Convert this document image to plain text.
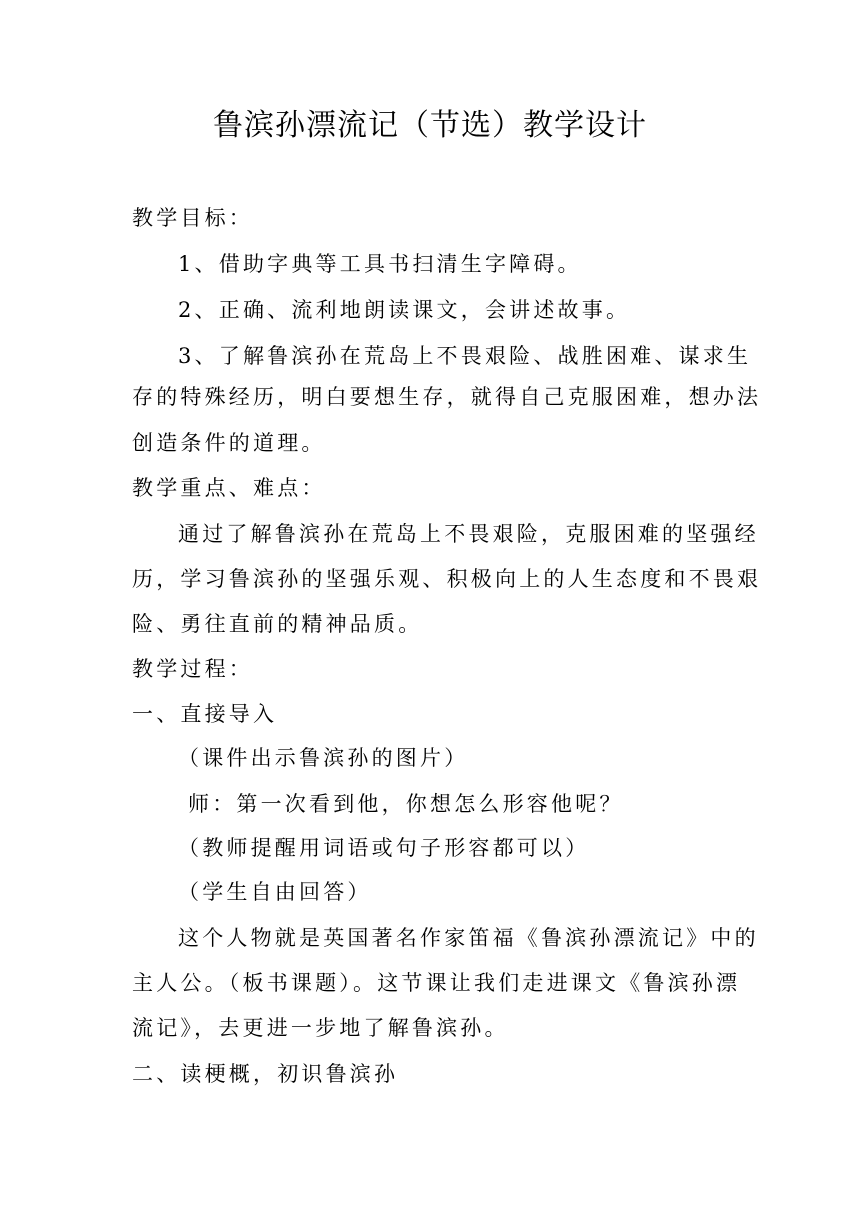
鲁滨孙漂流记（节选）教学设计
教学目标：
1、借助字典等工具书扫清生字障碍。
2、正确、流利地朗读课文，会讲述故事。
3、了解鲁滨孙在荒岛上不畏艰险、战胜困难、谋求生
存的特殊经历，明白要想生存，就得自己克服困难，想办法
创造条件的道理。
教学重点、难点：
通过了解鲁滨孙在荒岛上不畏艰险，克服困难的坚强经
历，学习鲁滨孙的坚强乐观、积极向上的人生态度和不畏艰
险、勇往直前的精神品质。
教学过程：
一、直接导入
（课件出示鲁滨孙的图片）
师：第一次看到他，你想怎么形容他呢？
（教师提醒用词语或句子形容都可以）
（学生自由回答）
这个人物就是英国著名作家笛福《鲁滨孙漂流记》中的
主人公。（板书课题）。这节课让我们走进课文《鲁滨孙漂
流记》，去更进一步地了解鲁滨孙。
二、读梗概，初识鲁滨孙
